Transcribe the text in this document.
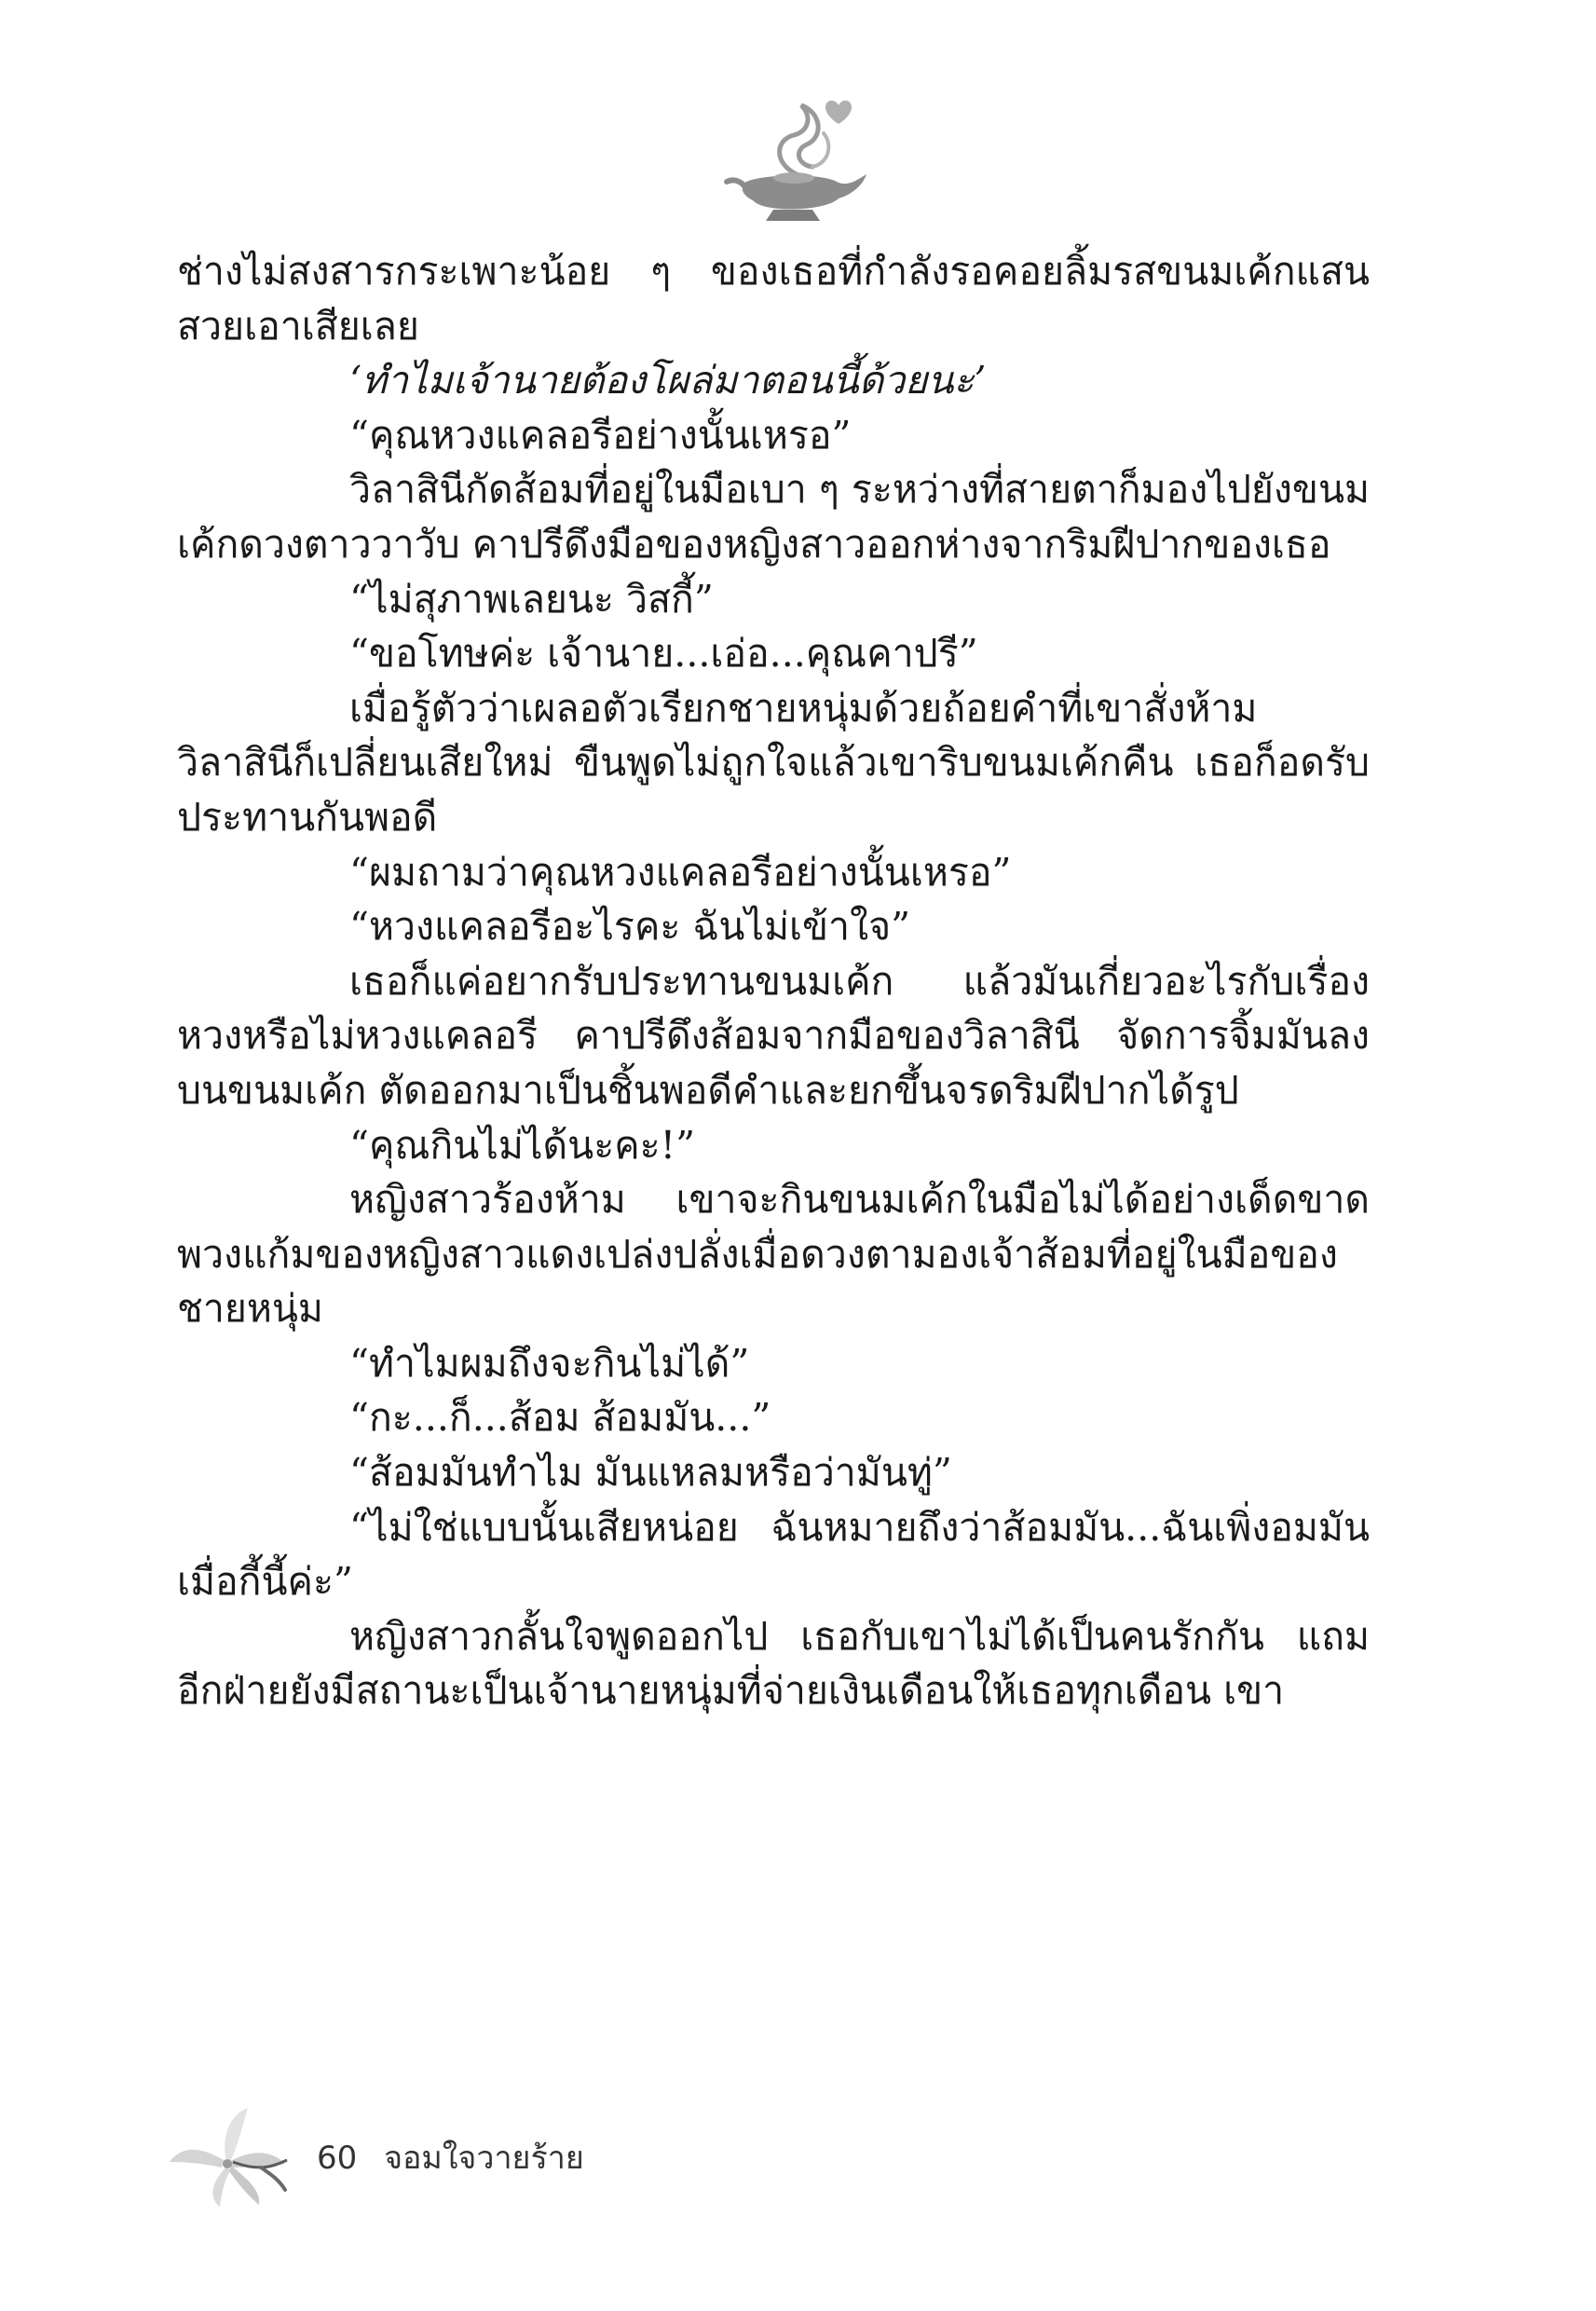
ช่างไม่สงสารกระเพาะน้อย ๆ ของเธอที่กำลังรอคอยลิ้มรสขนมเค้กแสนสวยเอาเสียเลย

‘ทำไมเจ้านายต้องโผล่มาตอนนี้ด้วยนะ’

“คุณหวงแคลอรีอย่างนั้นเหรอ”

วิลาสินีกัดส้อมที่อยู่ในมือเบา ๆ ระหว่างที่สายตาก็มองไปยังขนมเค้กดวงตาววาวับ คาปรีดึงมือของหญิงสาวออกห่างจากริมฝีปากของเธอ

“ไม่สุภาพเลยนะ วิสกี้”

“ขอโทษค่ะ เจ้านาย...เอ่อ...คุณคาปรี”

เมื่อรู้ตัวว่าเผลอตัวเรียกชายหนุ่มด้วยถ้อยคำที่เขาสั่งห้าม วิลาสินีก็เปลี่ยนเสียใหม่ ขืนพูดไม่ถูกใจแล้วเขาริบขนมเค้กคืน เธอก็อดรับประทานกันพอดี

“ผมถามว่าคุณหวงแคลอรีอย่างนั้นเหรอ”

“หวงแคลอรีอะไรคะ ฉันไม่เข้าใจ”

เธอก็แค่อยากรับประทานขนมเค้ก แล้วมันเกี่ยวอะไรกับเรื่องหวงหรือไม่หวงแคลอรี คาปรีดึงส้อมจากมือของวิลาสินี จัดการจิ้มมันลงบนขนมเค้ก ตัดออกมาเป็นชิ้นพอดีคำและยกขึ้นจรดริมฝีปากได้รูป

“คุณกินไม่ได้นะคะ!”

หญิงสาวร้องห้าม เขาจะกินขนมเค้กในมือไม่ได้อย่างเด็ดขาด พวงแก้มของหญิงสาวแดงเปล่งปลั่งเมื่อดวงตามองเจ้าส้อมที่อยู่ในมือของชายหนุ่ม

“ทำไมผมถึงจะกินไม่ได้”

“กะ...ก็...ส้อม ส้อมมัน...”

“ส้อมมันทำไม มันแหลมหรือว่ามันทู่”

“ไม่ใช่แบบนั้นเสียหน่อย ฉันหมายถึงว่าส้อมมัน...ฉันเพิ่งอมมันเมื่อกี้นี้ค่ะ”

หญิงสาวกลั้นใจพูดออกไป เธอกับเขาไม่ได้เป็นคนรักกัน แถมอีกฝ่ายยังมีสถานะเป็นเจ้านายหนุ่มที่จ่ายเงินเดือนให้เธอทุกเดือน เขา

60 จอมใจวายร้าย
